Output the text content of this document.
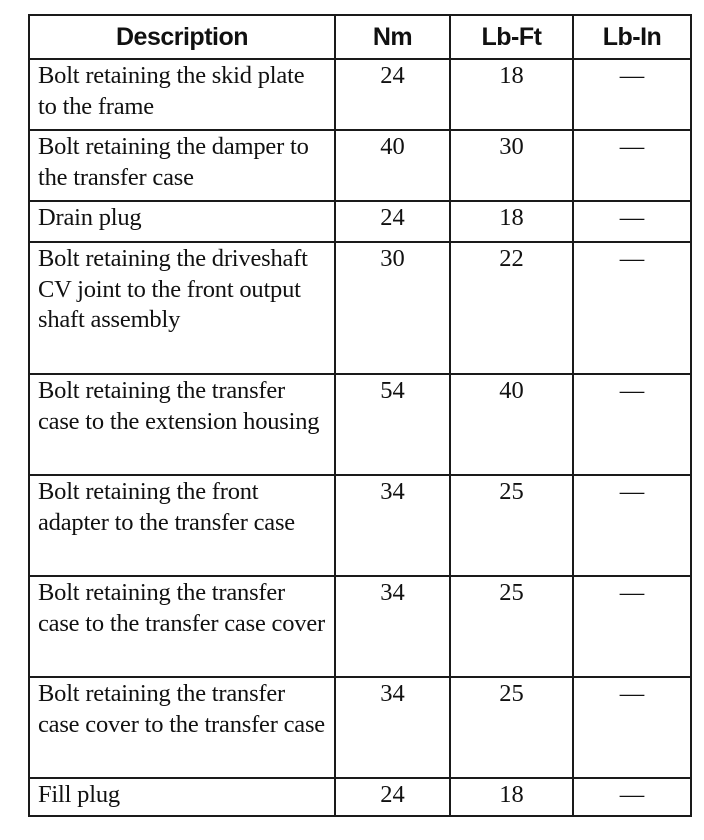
Description	Nm	Lb-Ft	Lb-In
Bolt retaining the skid plate to the frame	24	18	—
Bolt retaining the damper to the transfer case	40	30	—
Drain plug	24	18	—
Bolt retaining the driveshaft CV joint to the front output shaft assembly	30	22	—
Bolt retaining the transfer case to the extension housing	54	40	—
Bolt retaining the front adapter to the transfer case	34	25	—
Bolt retaining the transfer case to the transfer case cover	34	25	—
Bolt retaining the transfer case cover to the transfer case	34	25	—
Fill plug	24	18	—
